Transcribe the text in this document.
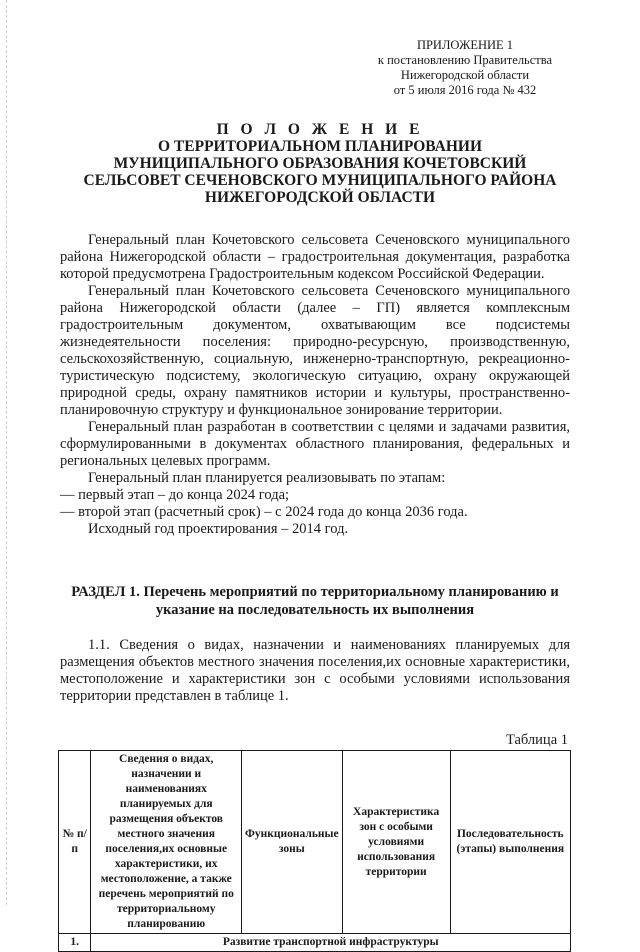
ПРИЛОЖЕНИЕ 1
к постановлению Правительства
Нижегородской области
от 5 июля 2016 года № 432
П О Л О Ж Е Н И Е
О ТЕРРИТОРИАЛЬНОМ ПЛАНИРОВАНИИ
МУНИЦИПАЛЬНОГО ОБРАЗОВАНИЯ КОЧЕТОВСКИЙ
СЕЛЬСОВЕТ СЕЧЕНОВСКОГО МУНИЦИПАЛЬНОГО РАЙОНА
НИЖЕГОРОДСКОЙ ОБЛАСТИ

Генеральный план Кочетовского сельсовета Сеченовского муниципального района Нижегородской области – градостроительная документация, разработка которой предусмотрена Градостроительным кодексом Российской Федерации.

Генеральный план Кочетовского сельсовета Сеченовского муниципального района Нижегородской области (далее – ГП) является комплексным градостроительным документом, охватывающим все подсистемы жизнедеятельности поселения: природно-ресурсную, производственную, сельскохозяйственную, социальную, инженерно-транспортную, рекреационно-туристическую подсистему, экологическую ситуацию, охрану окружающей природной среды, охрану памятников истории и культуры, пространственно-планировочную структуру и функциональное зонирование территории.

Генеральный план разработан в соответствии с целями и задачами развития, сформулированными в документах областного планирования, федеральных и региональных целевых программ.

Генеральный план планируется реализовывать по этапам:

— первый этап – до конца 2024 года;

— второй этап (расчетный срок) – с 2024 года до конца 2036 года.

Исходный год проектирования – 2014 год.

РАЗДЕЛ 1. Перечень мероприятий по территориальному планированию и указание на последовательность их выполнения

1.1. Сведения о видах, назначении и наименованиях планируемых для размещения объектов местного значения поселения,их основные характеристики, местоположение и характеристики зон с особыми условиями использования территории представлен в таблице 1.

Таблица 1
№ п/п	Сведения о видах, назначении и наименованиях планируемых для размещения объектов местного значения поселения,их основные характеристики, их местоположение, а также перечень мероприятий по территориальному планированию	Функциональные зоны	Характеристика зон с особыми условиями использования территории	Последовательность (этапы) выполнения
1.	Развитие транспортной инфраструктуры			
